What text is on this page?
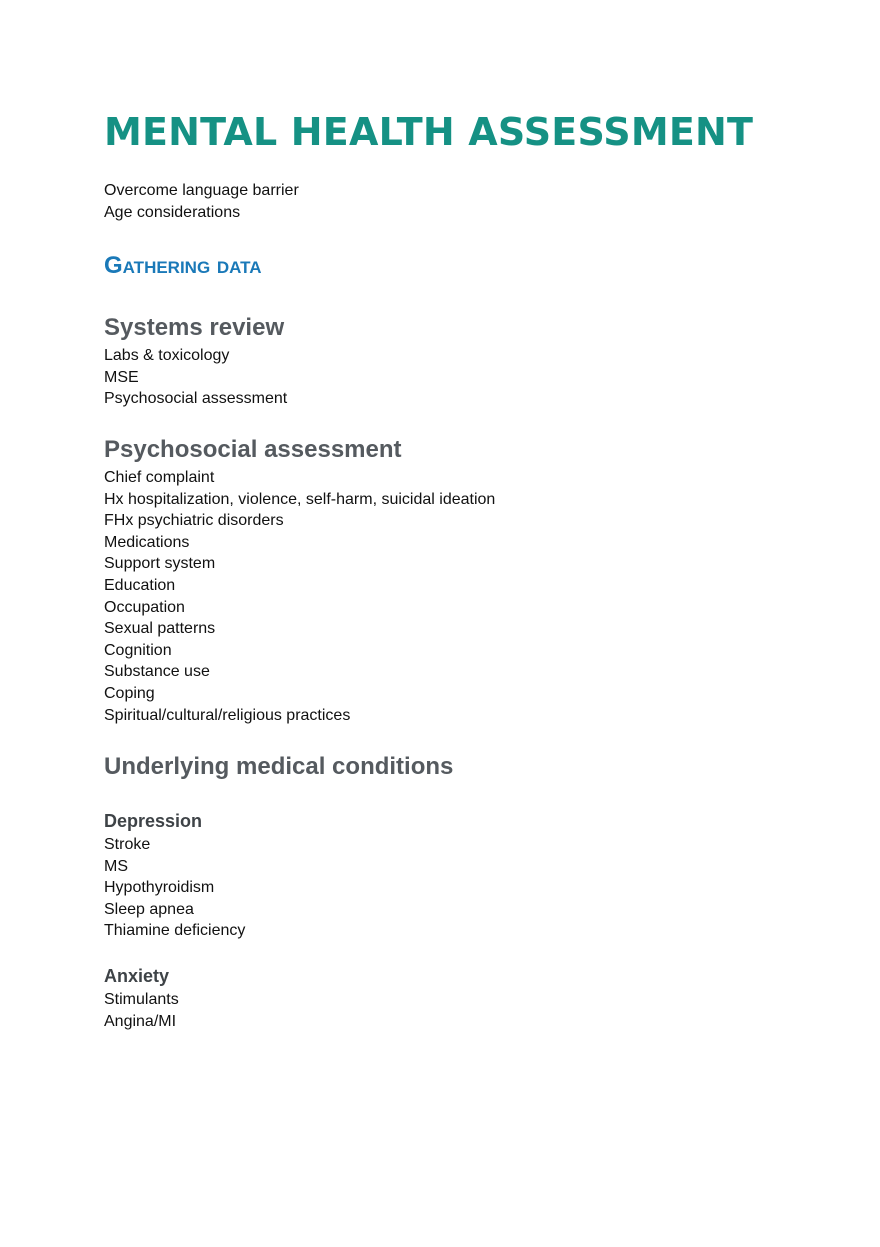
MENTAL HEALTH ASSESSMENT
Overcome language barrier
Age considerations
Gathering data
Systems review
Labs & toxicology
MSE
Psychosocial assessment
Psychosocial assessment
Chief complaint
Hx hospitalization, violence, self-harm, suicidal ideation
FHx psychiatric disorders
Medications
Support system
Education
Occupation
Sexual patterns
Cognition
Substance use
Coping
Spiritual/cultural/religious practices
Underlying medical conditions
Depression
Stroke
MS
Hypothyroidism
Sleep apnea
Thiamine deficiency
Anxiety
Stimulants
Angina/MI
